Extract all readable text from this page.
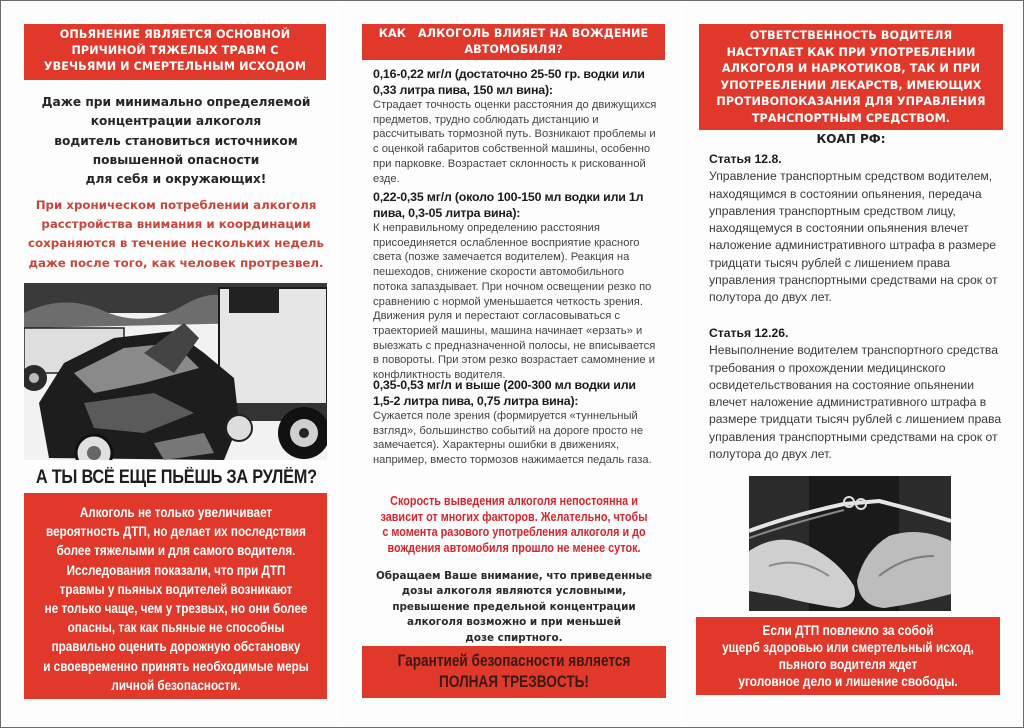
ОПЬЯНЕНИЕ ЯВЛЯЕТСЯ ОСНОВНОЙ
ПРИЧИНОЙ ТЯЖЕЛЫХ ТРАВМ С
УВЕЧЬЯМИ И СМЕРТЕЛЬНЫМ ИСХОДОМ
Даже при минимально определяемой
концентрации алкоголя
водитель становиться источником
повышенной опасности
для себя и окружающих!
При хроническом потреблении алкоголя
расстройства внимания и координации
сохраняются в течение нескольких недель
даже после того, как человек протрезвел.
А ТЫ ВСЁ ЕЩЕ ПЬЁШЬ ЗА РУЛЁМ?
Алкоголь не только увеличивает
вероятность ДТП, но делает их последствия
более тяжелыми и для самого водителя.
Исследования показали, что при ДТП
травмы у пьяных водителей возникают
не только чаще, чем у трезвых, но они более
опасны, так как пьяные не способны
правильно оценить дорожную обстановку
и своевременно принять необходимые меры
личной безопасности.
КАК   АЛКОГОЛЬ ВЛИЯЕТ НА ВОЖДЕНИЕ
АВТОМОБИЛЯ?
0,16-0,22 мг/л (достаточно 25-50 гр. водки или 0,33 литра пива, 150 мл вина):
Страдает точность оценки расстояния до движущихся предметов, трудно соблюдать дистанцию и рассчитывать тормозной путь. Возникают проблемы и с оценкой габаритов собственной машины, особенно при парковке. Возрастает склонность к рискованной езде.
0,22-0,35 мг/л (около 100-150 мл водки или 1л пива, 0,3-05 литра вина):
К неправильному определению расстояния присоединяется ослабленное восприятие красного света (позже замечается водителем). Реакция на пешеходов, снижение скорости автомобильного потока запаздывает. При ночном освещении резко по сравнению с нормой уменьшается четкость зрения. Движения руля и перестают согласовываться с траекторией машины, машина начинает «ерзать» и выезжать с предназначенной полосы, не вписывается в повороты. При этом резко возрастает самомнение и конфликтность водителя.
0,35-0,53 мг/л и выше (200-300 мл водки или 1,5-2 литра пива, 0,75 литра вина):
Сужается поле зрения (формируется «туннельный взгляд», большинство событий на дороге просто не замечается). Характерны ошибки в движениях, например, вместо тормозов нажимается педаль газа.
Скорость выведения алкоголя непостоянна и
зависит от многих факторов. Желательно, чтобы
с момента разового употребления алкоголя и до
вождения автомобиля прошло не менее суток.
Обращаем Ваше внимание, что приведенные
дозы алкоголя являются условными,
превышение предельной концентрации
алкоголя возможно и при меньшей
дозе спиртного.
Гарантией безопасности является
ПОЛНАЯ ТРЕЗВОСТЬ!
ОТВЕТСТВЕННОСТЬ ВОДИТЕЛЯ
НАСТУПАЕТ КАК ПРИ УПОТРЕБЛЕНИИ
АЛКОГОЛЯ И НАРКОТИКОВ, ТАК И ПРИ
УПОТРЕБЛЕНИИ ЛЕКАРСТВ, ИМЕЮЩИХ
ПРОТИВОПОКАЗАНИЯ ДЛЯ УПРАВЛЕНИЯ
ТРАНСПОРТНЫМ СРЕДСТВОМ.
КОАП РФ:
Статья 12.8.
Управление транспортным средством водителем, находящимся в состоянии опьянения, передача управления транспортным средством лицу, находящемуся в состоянии опьянения влечет наложение административного штрафа в размере тридцати тысяч рублей с лишением права управления транспортными средствами на срок от полутора до двух лет.
Статья 12.26.
Невыполнение водителем транспортного средства требования о прохождении медицинского освидетельствования на состояние опьянении влечет наложение административного штрафа в размере тридцати тысяч рублей с лишением права управления транспортными средствами на срок от полутора до двух лет.
Если ДТП повлекло за собой
ущерб здоровью или смертельный исход,
пьяного водителя ждет
уголовное дело и лишение свободы.
